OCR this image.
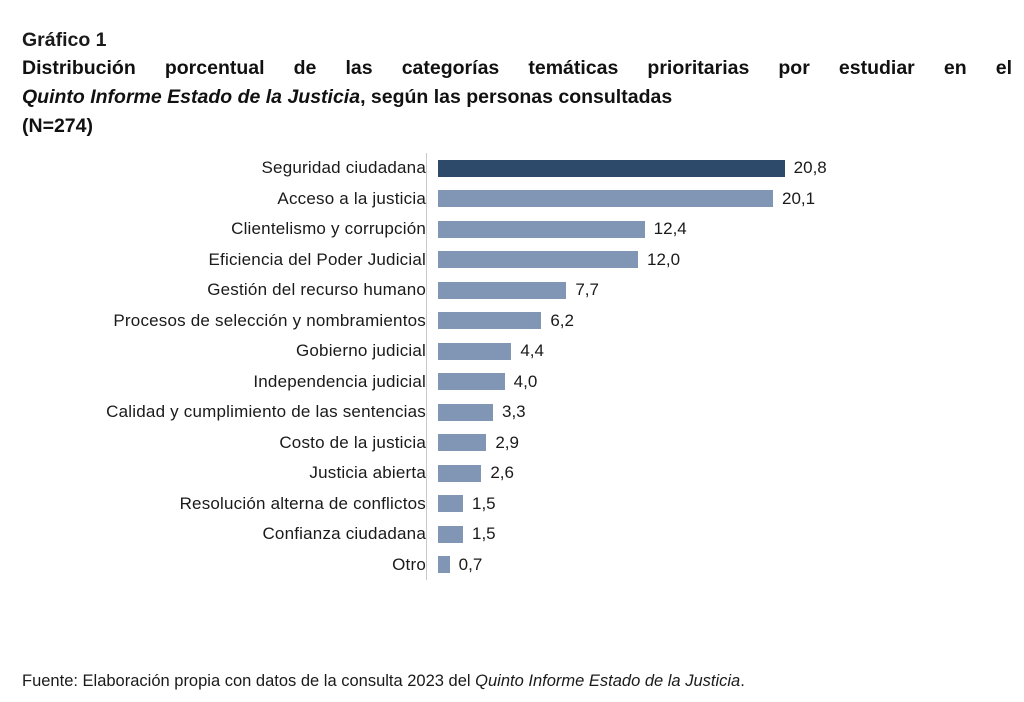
Gráfico 1
Distribución porcentual de las categorías temáticas prioritarias por estudiar en el
Quinto Informe Estado de la Justicia, según las personas consultadas
(N=274)
Seguridad ciudadana	20,8
Acceso a la justicia	20,1
Clientelismo y corrupción	12,4
Eficiencia del Poder Judicial	12,0
Gestión del recurso humano	7,7
Procesos de selección y nombramientos	6,2
Gobierno judicial	4,4
Independencia judicial	4,0
Calidad y cumplimiento de las sentencias	3,3
Costo de la justicia	2,9
Justicia abierta	2,6
Resolución alterna de conflictos	1,5
Confianza ciudadana	1,5
Otro	0,7
Fuente: Elaboración propia con datos de la consulta 2023 del Quinto Informe Estado de la Justicia.
